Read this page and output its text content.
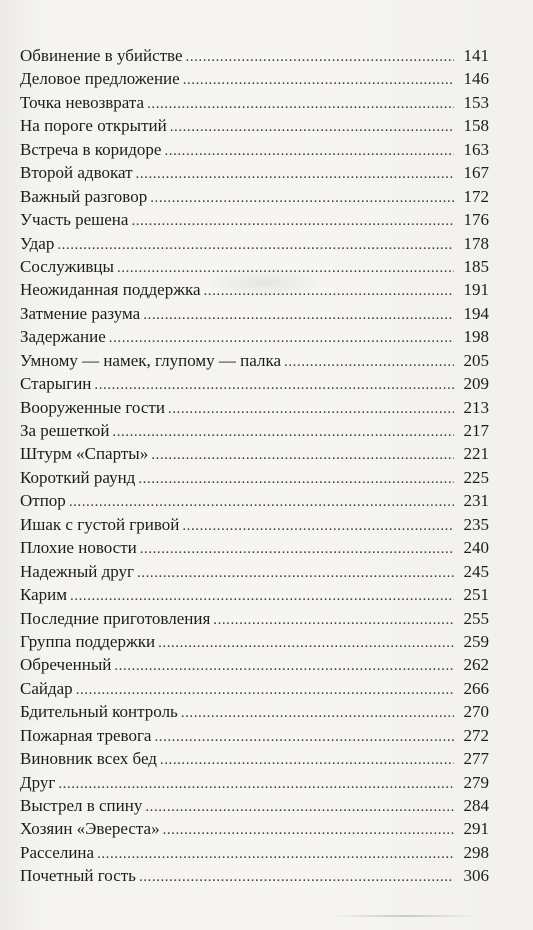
Обвинение в убийстве . . .	141
Деловое предложение . . .	146
Точка невозврата . . .	153
На пороге открытий . . .	158
Встреча в коридоре . . .	163
Второй адвокат . . .	167
Важный разговор . . .	172
Участь решена . . .	176
Удар . . .	178
Сослуживцы . . .	185
Неожиданная поддержка . . .	191
Затмение разума . . .	194
Задержание . . .	198
Умному — намек, глупому — палка . . .	205
Старыгин . . .	209
Вооруженные гости . . .	213
За решеткой . . .	217
Штурм «Спарты» . . .	221
Короткий раунд . . .	225
Отпор . . .	231
Ишак с густой гривой . . .	235
Плохие новости . . .	240
Надежный друг . . .	245
Карим . . .	251
Последние приготовления . . .	255
Группа поддержки . . .	259
Обреченный . . .	262
Сайдар . . .	266
Бдительный контроль . . .	270
Пожарная тревога . . .	272
Виновник всех бед . . .	277
Друг . . .	279
Выстрел в спину . . .	284
Хозяин «Эвереста» . . .	291
Расселина . . .	298
Почетный гость . . .	306
